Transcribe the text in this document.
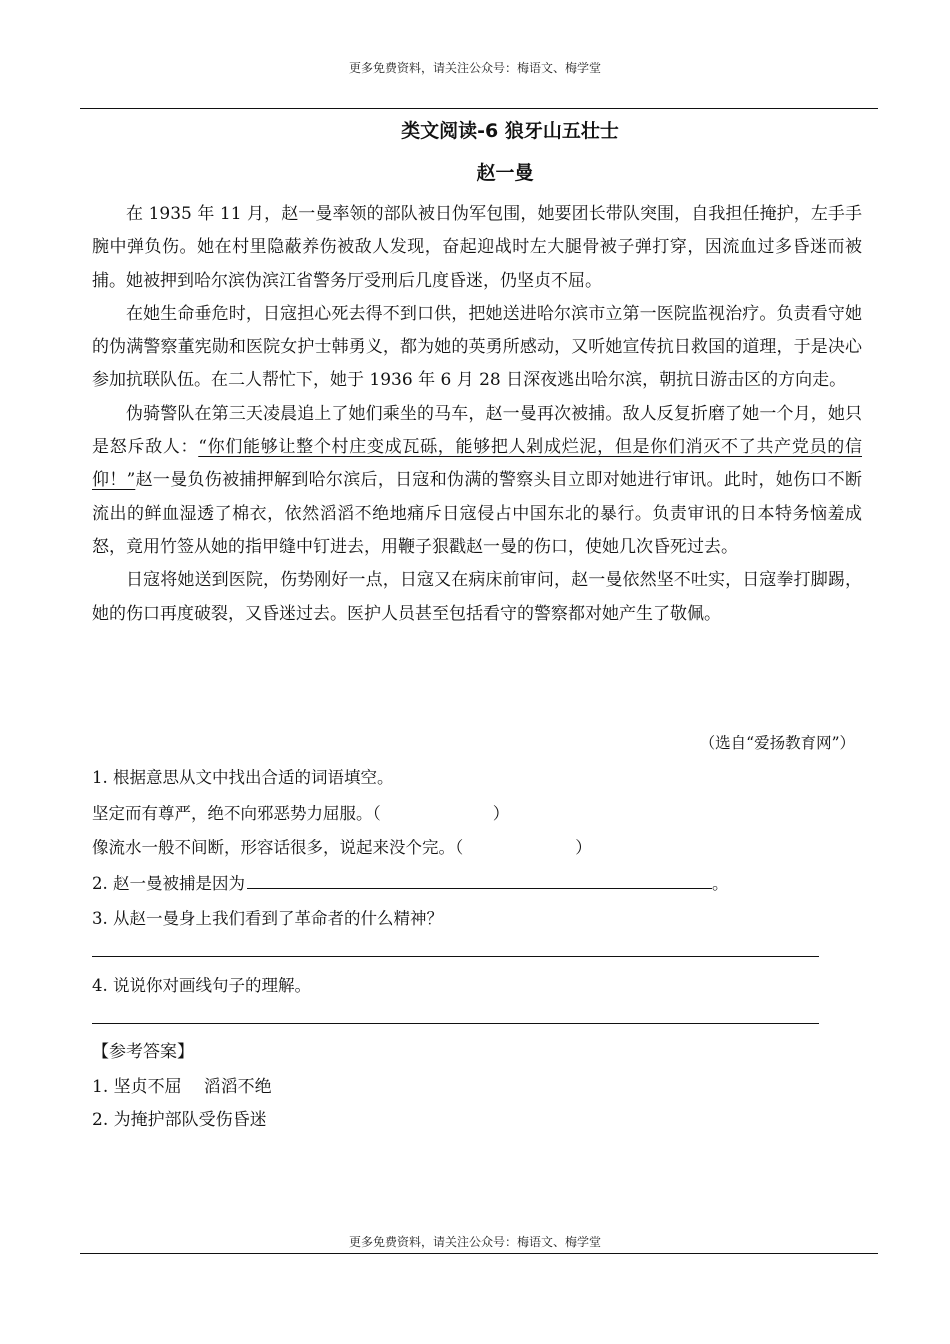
更多免费资料，请关注公众号：梅语文、梅学堂
类文阅读-6 狼牙山五壮士
赵一曼

在 1935 年 11 月，赵一曼率领的部队被日伪军包围，她要团长带队突围，自我担任掩护，左手手腕中弹负伤。她在村里隐蔽养伤被敌人发现，奋起迎战时左大腿骨被子弹打穿，因流血过多昏迷而被捕。她被押到哈尔滨伪滨江省警务厅受刑后几度昏迷，仍坚贞不屈。

在她生命垂危时，日寇担心死去得不到口供，把她送进哈尔滨市立第一医院监视治疗。负责看守她的伪满警察董宪勋和医院女护士韩勇义，都为她的英勇所感动，又听她宣传抗日救国的道理，于是决心参加抗联队伍。在二人帮忙下，她于 1936 年 6 月 28 日深夜逃出哈尔滨，朝抗日游击区的方向走。

伪骑警队在第三天凌晨追上了她们乘坐的马车，赵一曼再次被捕。敌人反复折磨了她一个月，她只是怒斥敌人：“你们能够让整个村庄变成瓦砾，能够把人剁成烂泥，但是你们消灭不了共产党员的信仰！”赵一曼负伤被捕押解到哈尔滨后，日寇和伪满的警察头目立即对她进行审讯。此时，她伤口不断流出的鲜血湿透了棉衣，依然滔滔不绝地痛斥日寇侵占中国东北的暴行。负责审讯的日本特务恼羞成怒，竟用竹签从她的指甲缝中钉进去，用鞭子狠戳赵一曼的伤口，使她几次昏死过去。

日寇将她送到医院，伤势刚好一点，日寇又在病床前审问，赵一曼依然坚不吐实，日寇拳打脚踢，她的伤口再度破裂，又昏迷过去。医护人员甚至包括看守的警察都对她产生了敬佩。

（选自“爱扬教育网”）
1. 根据意思从文中找出合适的词语填空。
坚定而有尊严，绝不向邪恶势力屈服。（	）
像流水一般不间断，形容话很多，说起来没个完。（	）
2. 赵一曼被捕是因为	。
3. 从赵一曼身上我们看到了革命者的什么精神？
4. 说说你对画线句子的理解。
【参考答案】
1. 坚贞不屈 滔滔不绝
2. 为掩护部队受伤昏迷
更多免费资料，请关注公众号：梅语文、梅学堂
